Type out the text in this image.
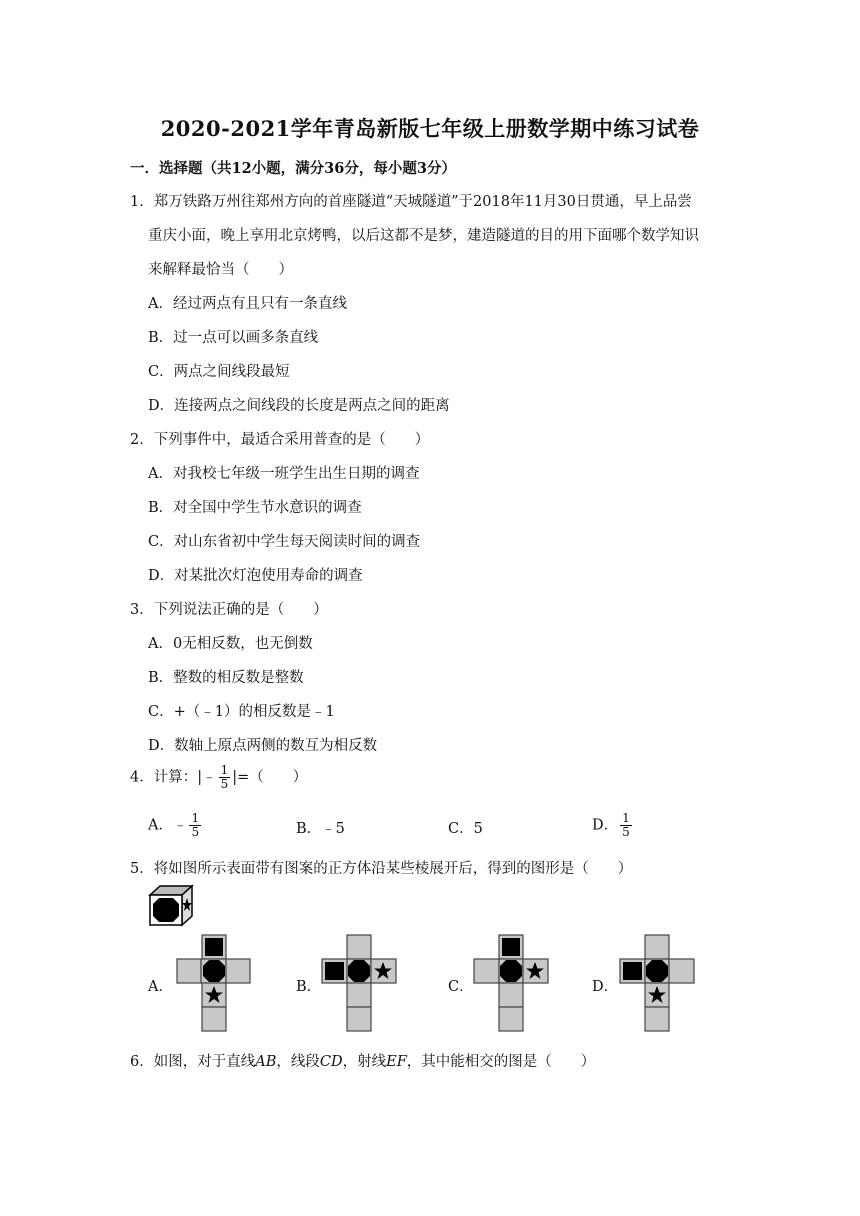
2020-2021学年青岛新版七年级上册数学期中练习试卷
一．选择题（共12小题，满分36分，每小题3分）
1．郑万铁路万州往郑州方向的首座隧道“天城隧道”于2018年11月30日贯通，早上品尝
重庆小面，晚上享用北京烤鸭，以后这都不是梦，建造隧道的目的用下面哪个数学知识
来解释最恰当（　　）
A．经过两点有且只有一条直线
B．过一点可以画多条直线
C．两点之间线段最短
D．连接两点之间线段的长度是两点之间的距离
2．下列事件中，最适合采用普查的是（　　）
A．对我校七年级一班学生出生日期的调查
B．对全国中学生节水意识的调查
C．对山东省初中学生每天阅读时间的调查
D．对某批次灯泡使用寿命的调查
3．下列说法正确的是（　　）
A．0无相反数，也无倒数
B．整数的相反数是整数
C．+（﹣1）的相反数是﹣1
D．数轴上原点两侧的数互为相反数
4．计算：|﹣ $\frac{1}{5}$ |=（　　）
A．﹣ $\frac{1}{5}$	B．﹣5	C．5	D． $\frac{1}{5}$
5．将如图所示表面带有图案的正方体沿某些棱展开后，得到的图形是（　　）
A．	B．	C．	D．
6．如图，对于直线AB，线段CD，射线EF，其中能相交的图是（　　）
